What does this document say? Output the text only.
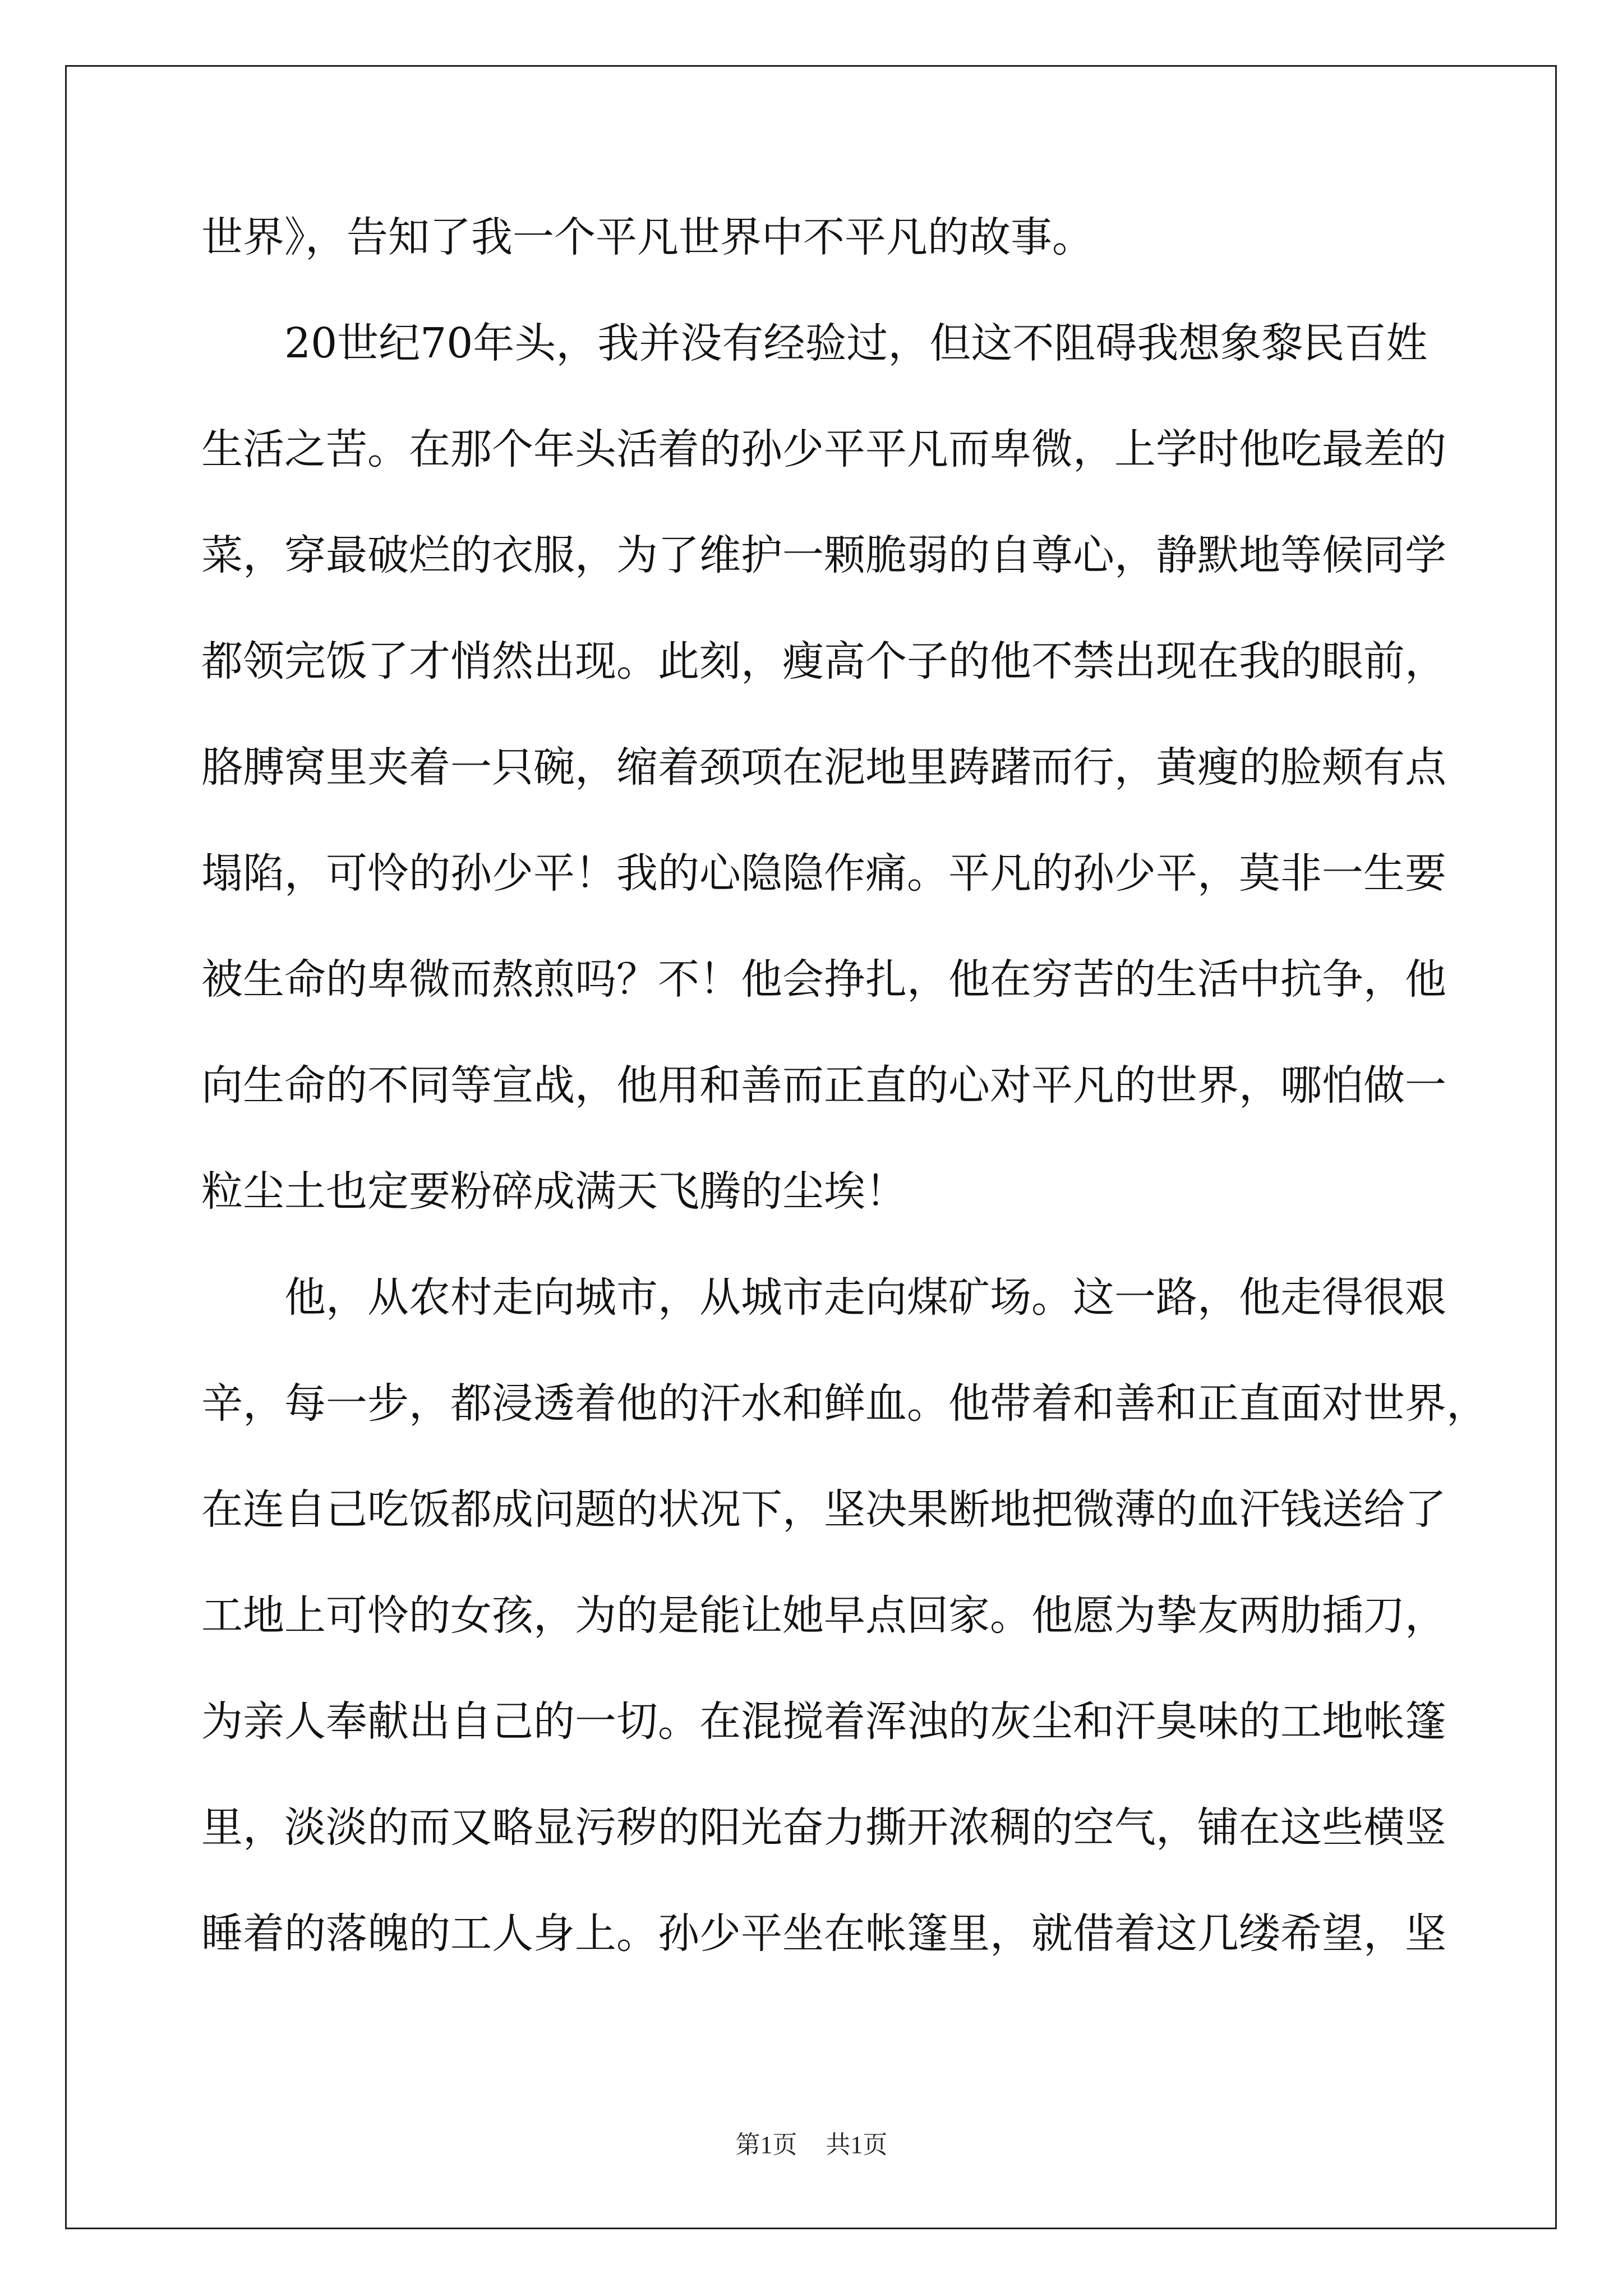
世界》，告知了我一个平凡世界中不平凡的故事。
　　20世纪70年头，我并没有经验过，但这不阻碍我想象黎民百姓
生活之苦。在那个年头活着的孙少平平凡而卑微，上学时他吃最差的
菜，穿最破烂的衣服，为了维护一颗脆弱的自尊心，静默地等候同学
都领完饭了才悄然出现。此刻，瘦高个子的他不禁出现在我的眼前，
胳膊窝里夹着一只碗，缩着颈项在泥地里踌躇而行，黄瘦的脸颊有点
塌陷，可怜的孙少平！我的心隐隐作痛。平凡的孙少平，莫非一生要
被生命的卑微而熬煎吗？不！他会挣扎，他在穷苦的生活中抗争，他
向生命的不同等宣战，他用和善而正直的心对平凡的世界，哪怕做一
粒尘土也定要粉碎成满天飞腾的尘埃！
　　他，从农村走向城市，从城市走向煤矿场。这一路，他走得很艰
辛，每一步，都浸透着他的汗水和鲜血。他带着和善和正直面对世界，
在连自己吃饭都成问题的状况下，坚决果断地把微薄的血汗钱送给了
工地上可怜的女孩，为的是能让她早点回家。他愿为挚友两肋插刀，
为亲人奉献出自己的一切。在混搅着浑浊的灰尘和汗臭味的工地帐篷
里，淡淡的而又略显污秽的阳光奋力撕开浓稠的空气，铺在这些横竖
睡着的落魄的工人身上。孙少平坐在帐篷里，就借着这几缕希望，坚
第1页 共1页
